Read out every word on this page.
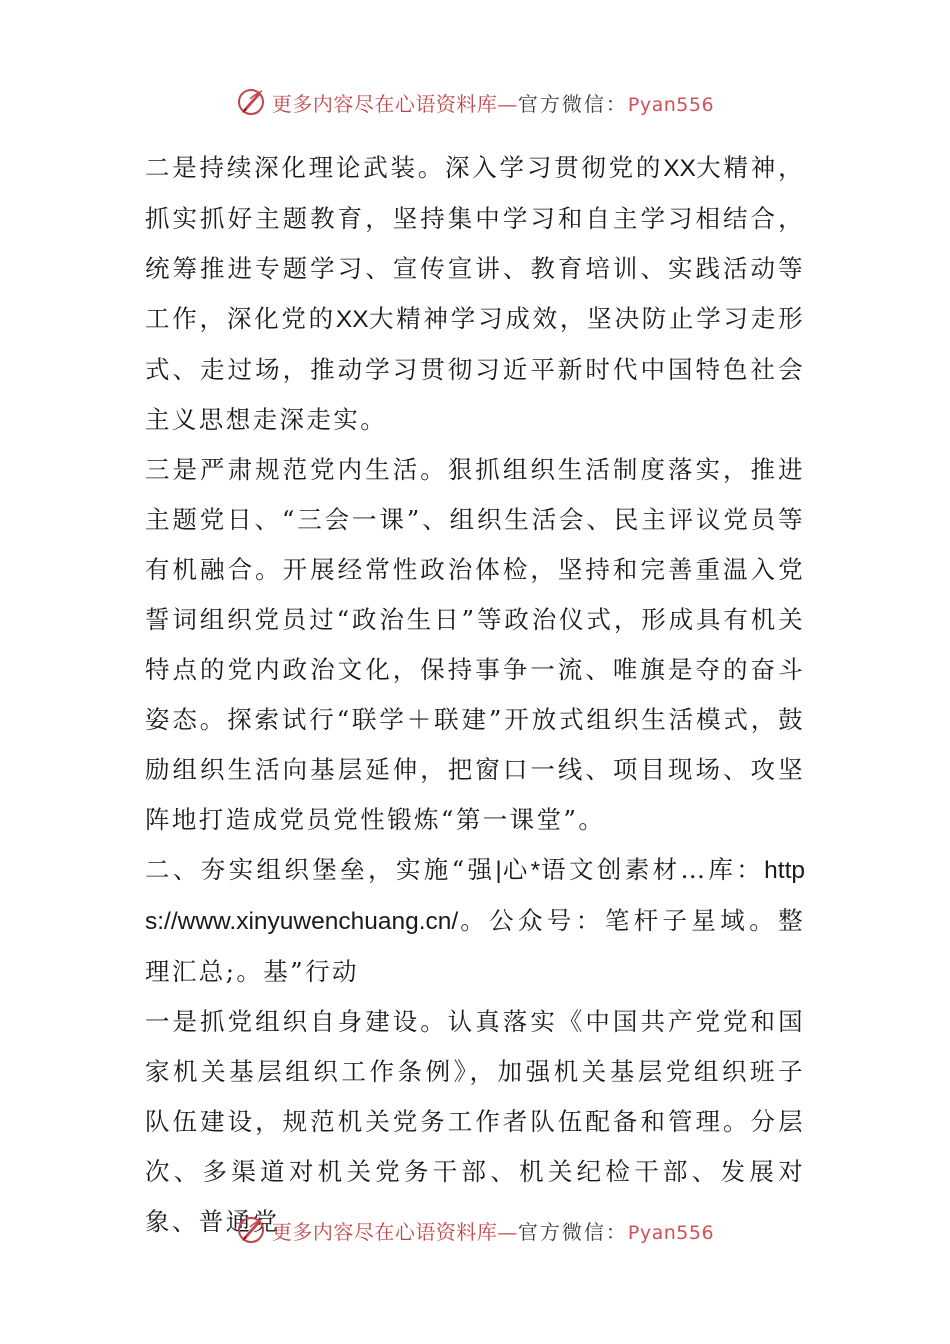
更多内容尽在心语资料库—官方微信：Pyan556

二是持续深化理论武装。深入学习贯彻党的XX大精神，抓实抓好主题教育，坚持集中学习和自主学习相结合，统筹推进专题学习、宣传宣讲、教育培训、实践活动等工作，深化党的XX大精神学习成效，坚决防止学习走形式、走过场，推动学习贯彻习近平新时代中国特色社会主义思想走深走实。

三是严肃规范党内生活。狠抓组织生活制度落实，推进主题党日、“三会一课”、组织生活会、民主评议党员等有机融合。开展经常性政治体检，坚持和完善重温入党誓词组织党员过“政治生日”等政治仪式，形成具有机关特点的党内政治文化，保持事争一流、唯旗是夺的奋斗姿态。探索试行“联学＋联建”开放式组织生活模式，鼓励组织生活向基层延伸，把窗口一线、项目现场、攻坚阵地打造成党员党性锻炼“第一课堂”。

二、夯实组织堡垒，实施“强|心*语文创素材…库：https://www.xinyuwenchuang.cn/。公众号：笔杆子星域。整理汇总;。基”行动

一是抓党组织自身建设。认真落实《中国共产党党和国家机关基层组织工作条例》，加强机关基层党组织班子队伍建设，规范机关党务工作者队伍配备和管理。分层次、多渠道对机关党务干部、机关纪检干部、发展对象、普通党

更多内容尽在心语资料库—官方微信：Pyan556
